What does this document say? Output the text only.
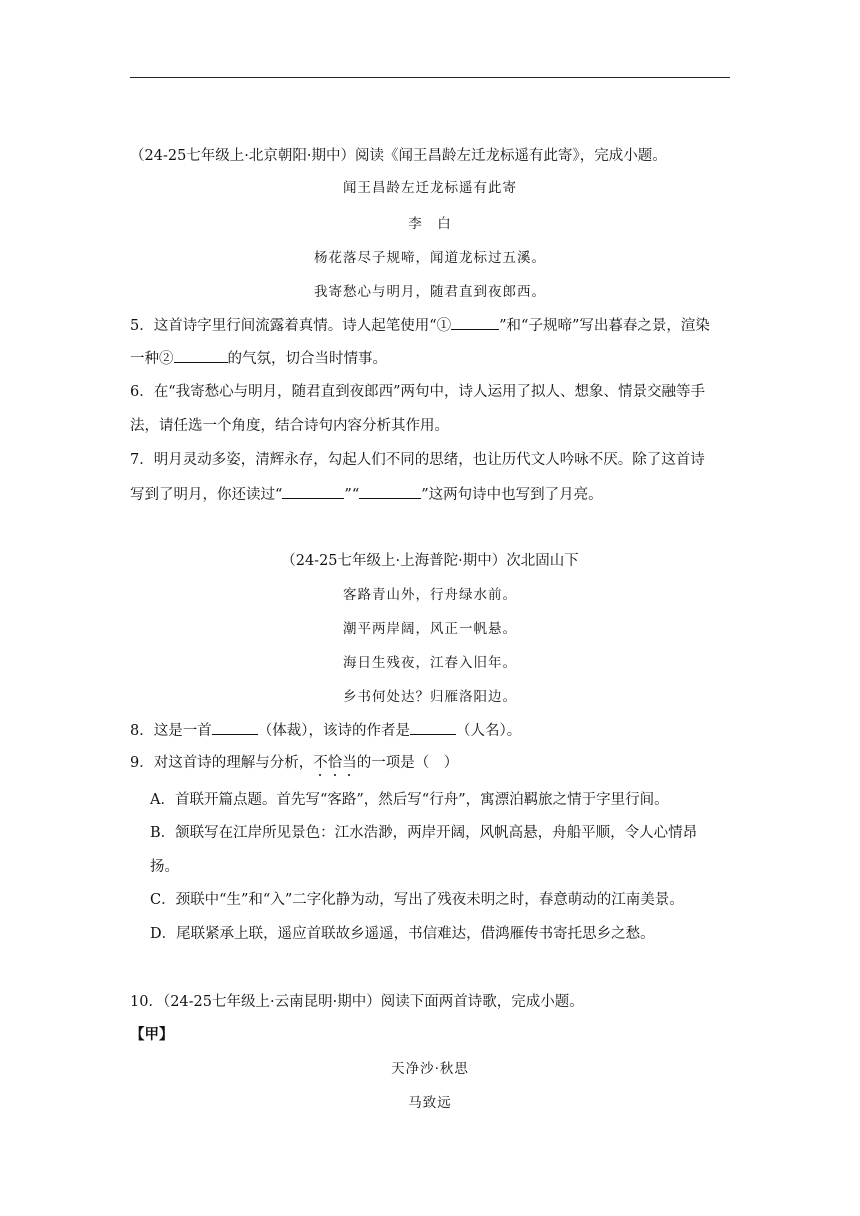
（24-25七年级上·北京朝阳·期中）阅读《闻王昌龄左迁龙标遥有此寄》，完成小题。
闻王昌龄左迁龙标遥有此寄
李　白
杨花落尽子规啼，闻道龙标过五溪。
我寄愁心与明月，随君直到夜郎西。
5．这首诗字里行间流露着真情。诗人起笔使用“①	”和“子规啼”写出暮春之景，渲染
一种②	的气氛，切合当时情事。
6．在“我寄愁心与明月，随君直到夜郎西”两句中，诗人运用了拟人、想象、情景交融等手
法，请任选一个角度，结合诗句内容分析其作用。
7．明月灵动多姿，清辉永存，勾起人们不同的思绪，也让历代文人吟咏不厌。除了这首诗
写到了明月，你还读过“	”“	”这两句诗中也写到了月亮。
（24-25七年级上·上海普陀·期中）次北固山下
客路青山外，行舟绿水前。
潮平两岸阔，风正一帆悬。
海日生残夜，江春入旧年。
乡书何处达？归雁洛阳边。
8．这是一首	（体裁），该诗的作者是	（人名）。
9．对这首诗的理解与分析，不恰当的一项是（　）
A．首联开篇点题。首先写“客路”，然后写“行舟”，寓漂泊羁旅之情于字里行间。
B．颔联写在江岸所见景色：江水浩渺，两岸开阔，风帆高悬，舟船平顺，令人心情昂
扬。
C．颈联中“生”和“入”二字化静为动，写出了残夜未明之时，春意萌动的江南美景。
D．尾联紧承上联，遥应首联故乡遥遥，书信难达，借鸿雁传书寄托思乡之愁。
10．（24-25七年级上·云南昆明·期中）阅读下面两首诗歌，完成小题。
【甲】
天净沙·秋思
马致远
